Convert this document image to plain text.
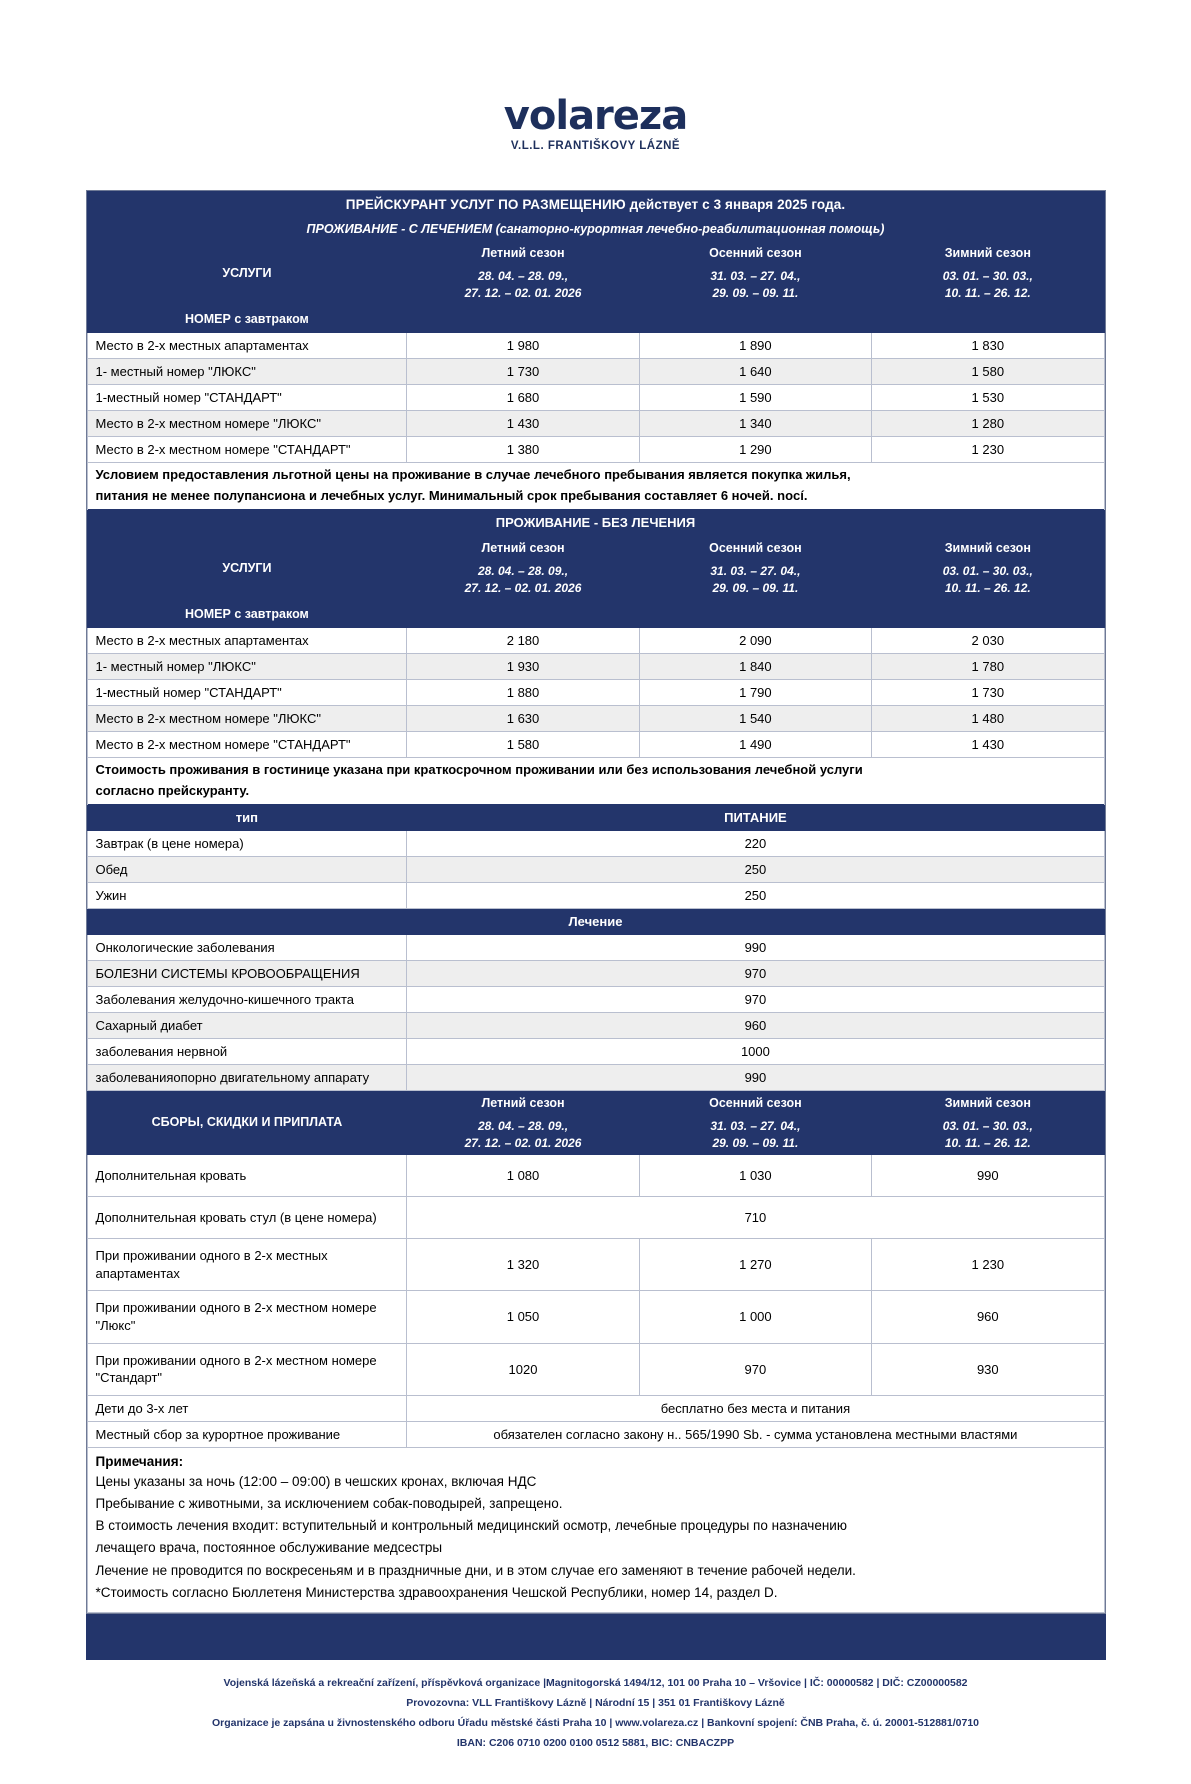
volareza
V.L.L. FRANTIŠKOVY LÁZNĚ
ПРЕЙСКУРАНТ УСЛУГ ПО РАЗМЕЩЕНИЮ действует с 3 января 2025 года.			
ПРОЖИВАНИЕ - С ЛЕЧЕНИЕМ (санаторно-курортная лечебно-реабилитационная помощь)			
УСЛУГИ	Летний сезон	Осенний сезон	Зимний сезон

28. 04. – 28. 09.,
27. 12. – 02. 01. 2026

31. 03. – 27. 04.,
29. 09. – 09. 11.

03. 01. – 30. 03.,
10. 11. – 26. 12.

НОМЕР с завтраком			
Место в 2-х местных апартаментах	1 980	1 890	1 830
1- местный номер "ЛЮКС"	1 730	1 640	1 580
1-местный номер "СТАНДАРТ"	1 680	1 590	1 530
Место в 2-х местном номере "ЛЮКС"	1 430	1 340	1 280
Место в 2-х местном номере "СТАНДАРТ"	1 380	1 290	1 230
Условием предоставления льготной цены на проживание в случае лечебного пребывания является покупка жилья,			
питания не менее полупансиона и лечебных услуг. Минимальный срок пребывания составляет 6 ночей. nocí.			
ПРОЖИВАНИЕ - БЕЗ ЛЕЧЕНИЯ			
УСЛУГИ	Летний сезон	Осенний сезон	Зимний сезон

28. 04. – 28. 09.,
27. 12. – 02. 01. 2026

31. 03. – 27. 04.,
29. 09. – 09. 11.

03. 01. – 30. 03.,
10. 11. – 26. 12.

НОМЕР с завтраком			
Место в 2-х местных апартаментах	2 180	2 090	2 030
1- местный номер "ЛЮКС"	1 930	1 840	1 780
1-местный номер "СТАНДАРТ"	1 880	1 790	1 730
Место в 2-х местном номере "ЛЮКС"	1 630	1 540	1 480
Место в 2-х местном номере "СТАНДАРТ"	1 580	1 490	1 430
Стоимость проживания в гостинице указана при краткосрочном проживании или без использования лечебной услуги			
согласно прейскуранту.			
тип	ПИТАНИЕ		
Завтрак (в цене номера)	220		
Обед	250		
Ужин	250		
Лечение			
Онкологические заболевания	990		
БОЛЕЗНИ СИСТЕМЫ КРОВООБРАЩЕНИЯ	970		
Заболевания желудочно-кишечного тракта	970		
Сахарный диабет	960		
заболевания нервной	1000		
заболеванияопорно двигательному аппарату	990		
СБОРЫ, СКИДКИ И ПРИПЛАТА	Летний сезон	Осенний сезон	Зимний сезон

28. 04. – 28. 09.,
27. 12. – 02. 01. 2026

31. 03. – 27. 04.,
29. 09. – 09. 11.

03. 01. – 30. 03.,
10. 11. – 26. 12.

Дополнительная кровать	1 080	1 030	990
Дополнительная кровать стул (в цене номера)	710		
При проживании одного в 2-х местных апартаментах	1 320	1 270	1 230
При проживании одного в 2-х местном номере "Люкс"	1 050	1 000	960
При проживании одного в 2-х местном номере "Стандарт"	1020	970	930
Дети до 3-х лет	бесплатно без места и питания		
Местный сбор за курортное проживание	обязателен согласно закону н.. 565/1990 Sb. - сумма установлена местными властями		

Примечания:
Цены указаны за ночь (12:00 – 09:00) в чешских кронах, включая НДС
Пребывание с животными, за исключением собак-поводырей, запрещено.
В стоимость лечения входит: вступительный и контрольный медицинский осмотр, лечебные процедуры по назначению
лечащего врача, постоянное обслуживание медсестры
Лечение не проводится по воскресеньям и в праздничные дни, и в этом случае его заменяют в течение рабочей недели.
*Стоимость согласно Бюллетеня Министерства здравоохранения Чешской Республики, номер 14, раздел D.
Vojenská lázeňská a rekreační zařízení, příspěvková organizace |Magnitogorská 1494/12, 101 00 Praha 10 – Vršovice | IČ: 00000582 | DIČ: CZ00000582
Provozovna: VLL Františkovy Lázně | Národní 15 | 351 01 Františkovy Lázně
Organizace je zapsána u živnostenského odboru Úřadu městské části Praha 10 | www.volareza.cz | Bankovní spojení: ČNB Praha, č. ú. 20001-512881/0710
IBAN: C206 0710 0200 0100 0512 5881, BIC: CNBACZPP
